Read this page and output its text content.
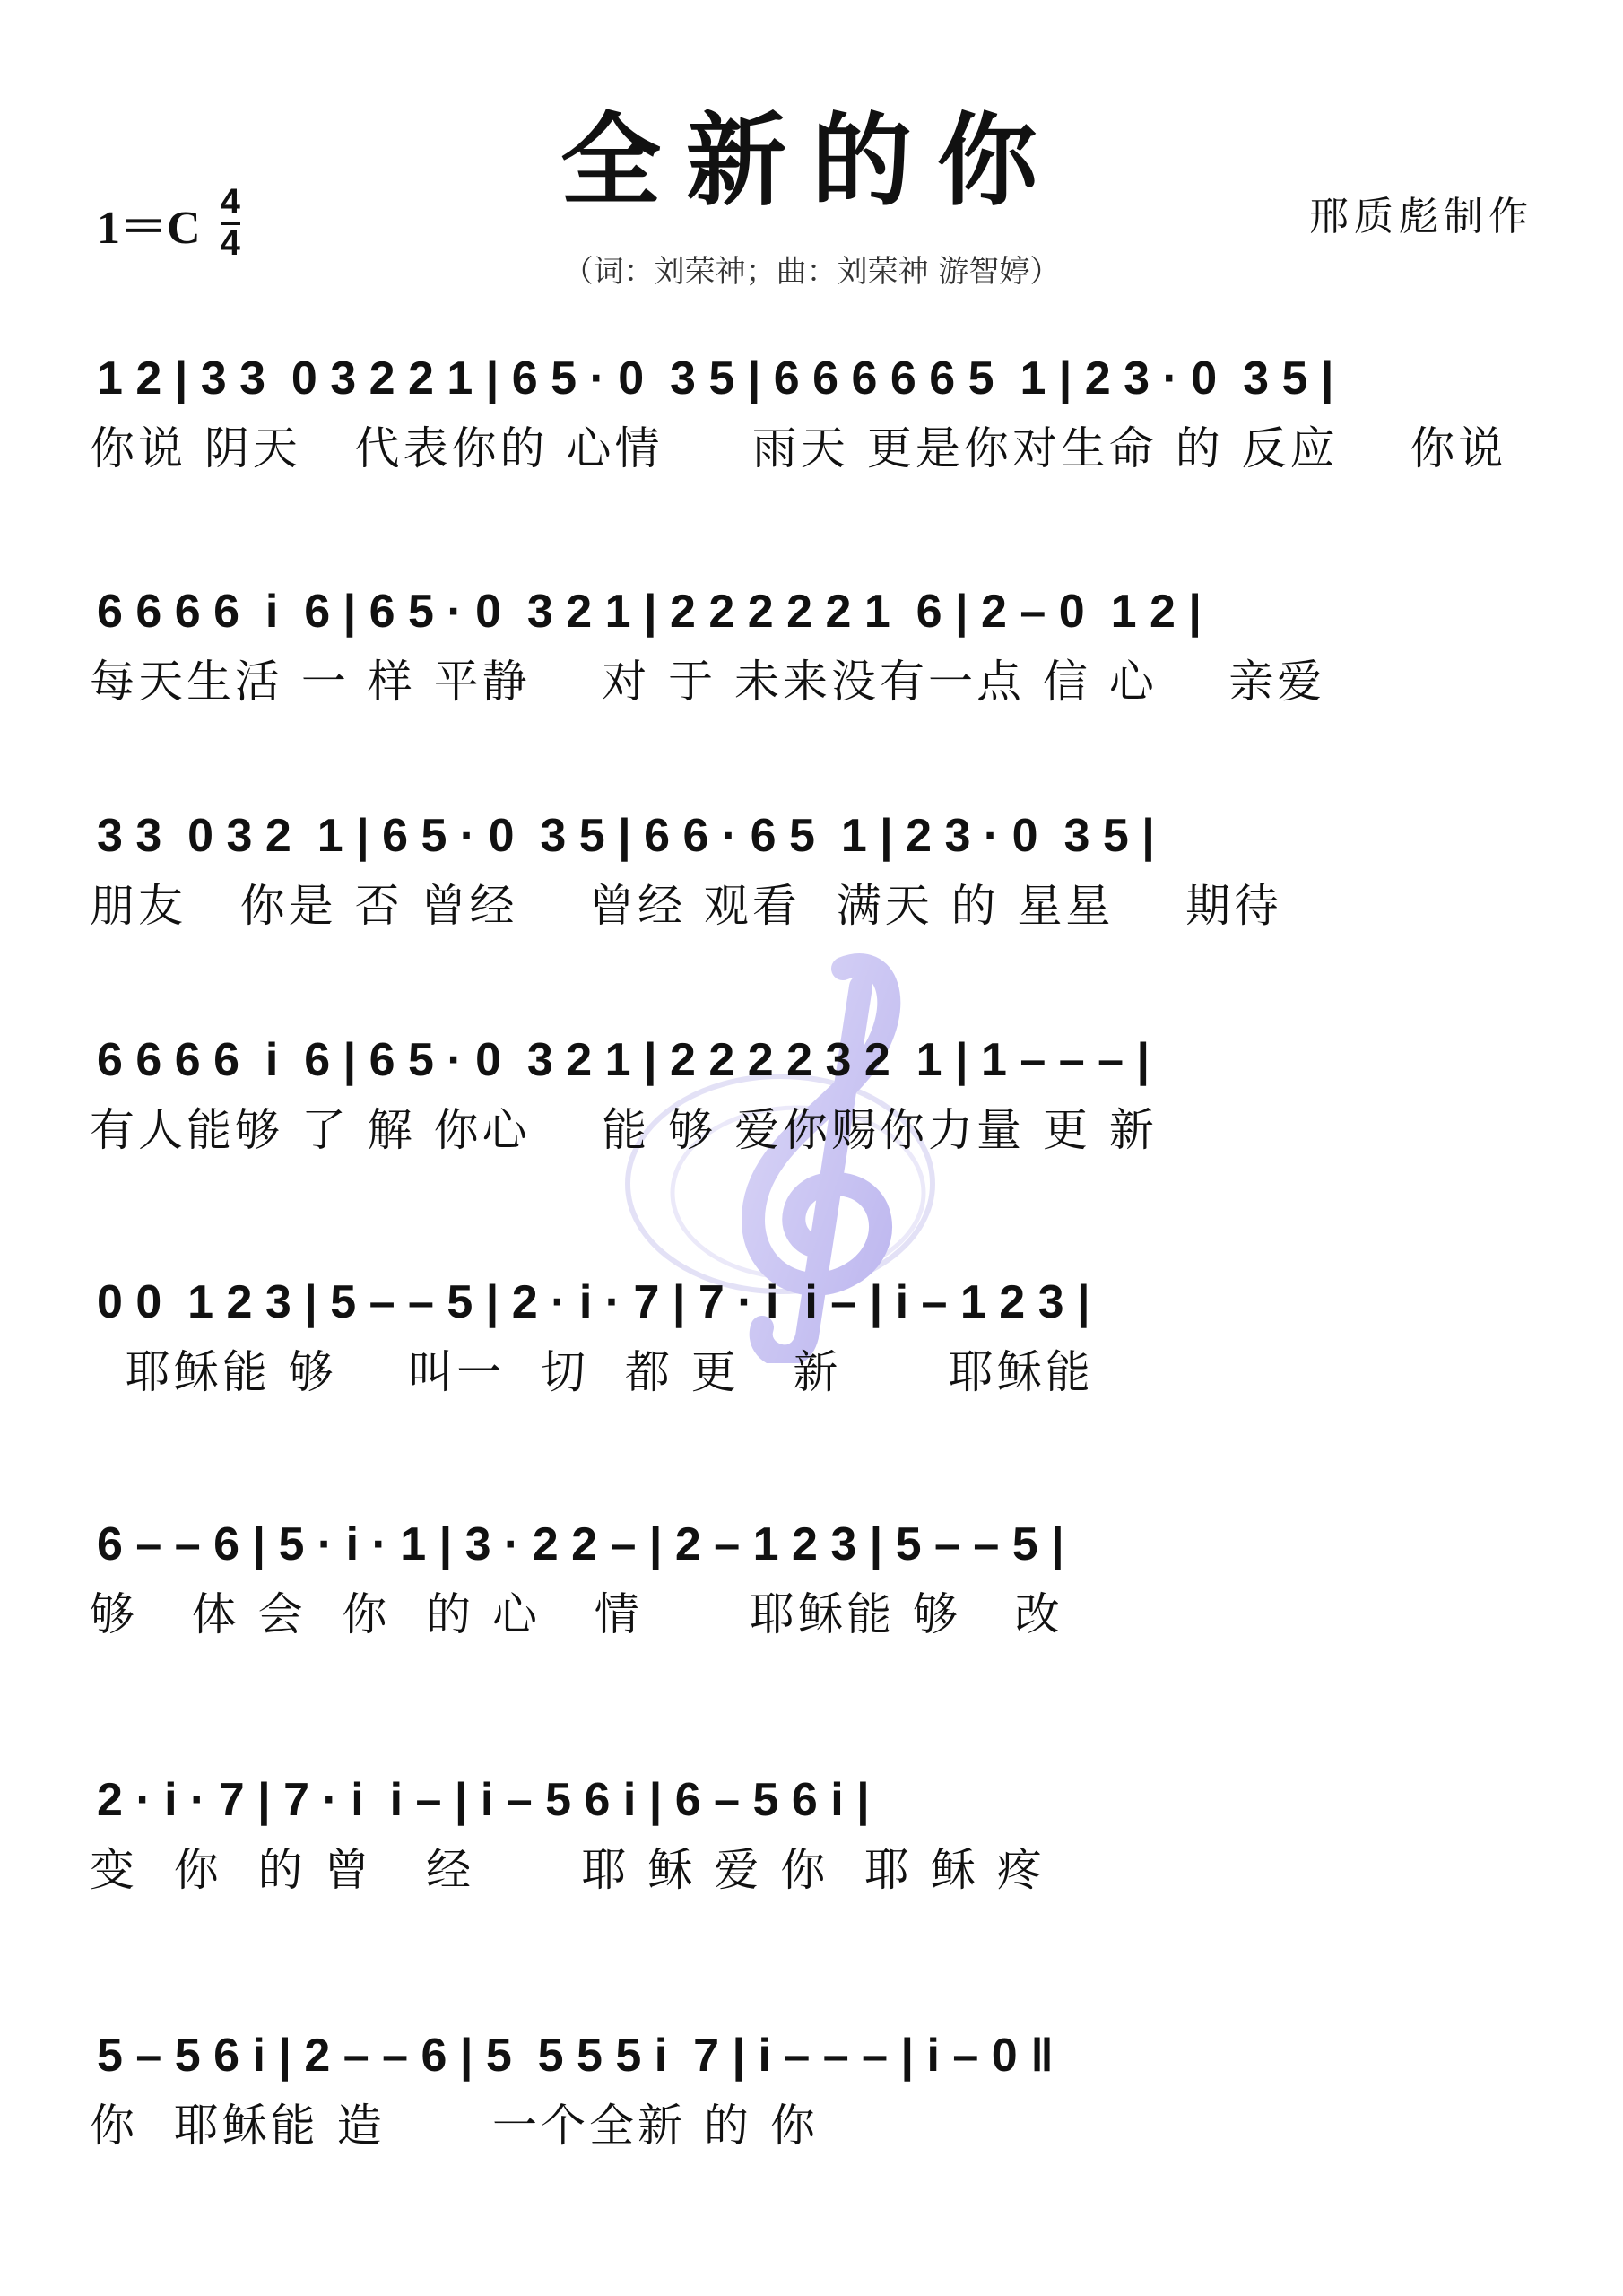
全新的你
1＝C
4
4
邢质彪制作
（词：刘荣神；曲：刘荣神 游智婷）
1 2 | 3 3  0 3 2 2 1 | 6 5 · 0  3 5 | 6 6 6 6 6 5  1 | 2 3 · 0  3 5 |
你说 阴天   代表你的 心情     雨天 更是你对生命 的 反应    你说
6 6 6 6  i  6 | 6 5 · 0  3 2 1 | 2 2 2 2 2 1  6 | 2 – 0  1 2 |
每天生活 一 样 平静    对 于 未来没有一点 信 心    亲爱
3 3  0 3 2  1 | 6 5 · 0  3 5 | 6 6 · 6 5  1 | 2 3 · 0  3 5 |
朋友   你是 否 曾经    曾经 观看  满天 的 星星    期待
6 6 6 6  i  6 | 6 5 · 0  3 2 1 | 2 2 2 2 3 2  1 | 1 – – – |
有人能够 了 解 你心    能 够 爱你赐你力量 更 新
0 0  1 2 3 | 5 – – 5 | 2 · i · 7 | 7 · i  i – | i – 1 2 3 |
耶稣能 够    叫一  切  都 更   新      耶稣能
6 – – 6 | 5 · i · 1 | 3 · 2 2 – | 2 – 1 2 3 | 5 – – 5 |
够   体 会  你  的 心   情      耶稣能 够   改
2 · i · 7 | 7 · i  i – | i – 5 6 i | 6 – 5 6 i |
变  你  的 曾   经      耶 稣 爱 你  耶 稣 疼
5 – 5 6 i | 2 – – 6 | 5  5 5 5 i  7 | i – – – | i – 0 ‖
你  耶稣能 造      一个全新 的 你
